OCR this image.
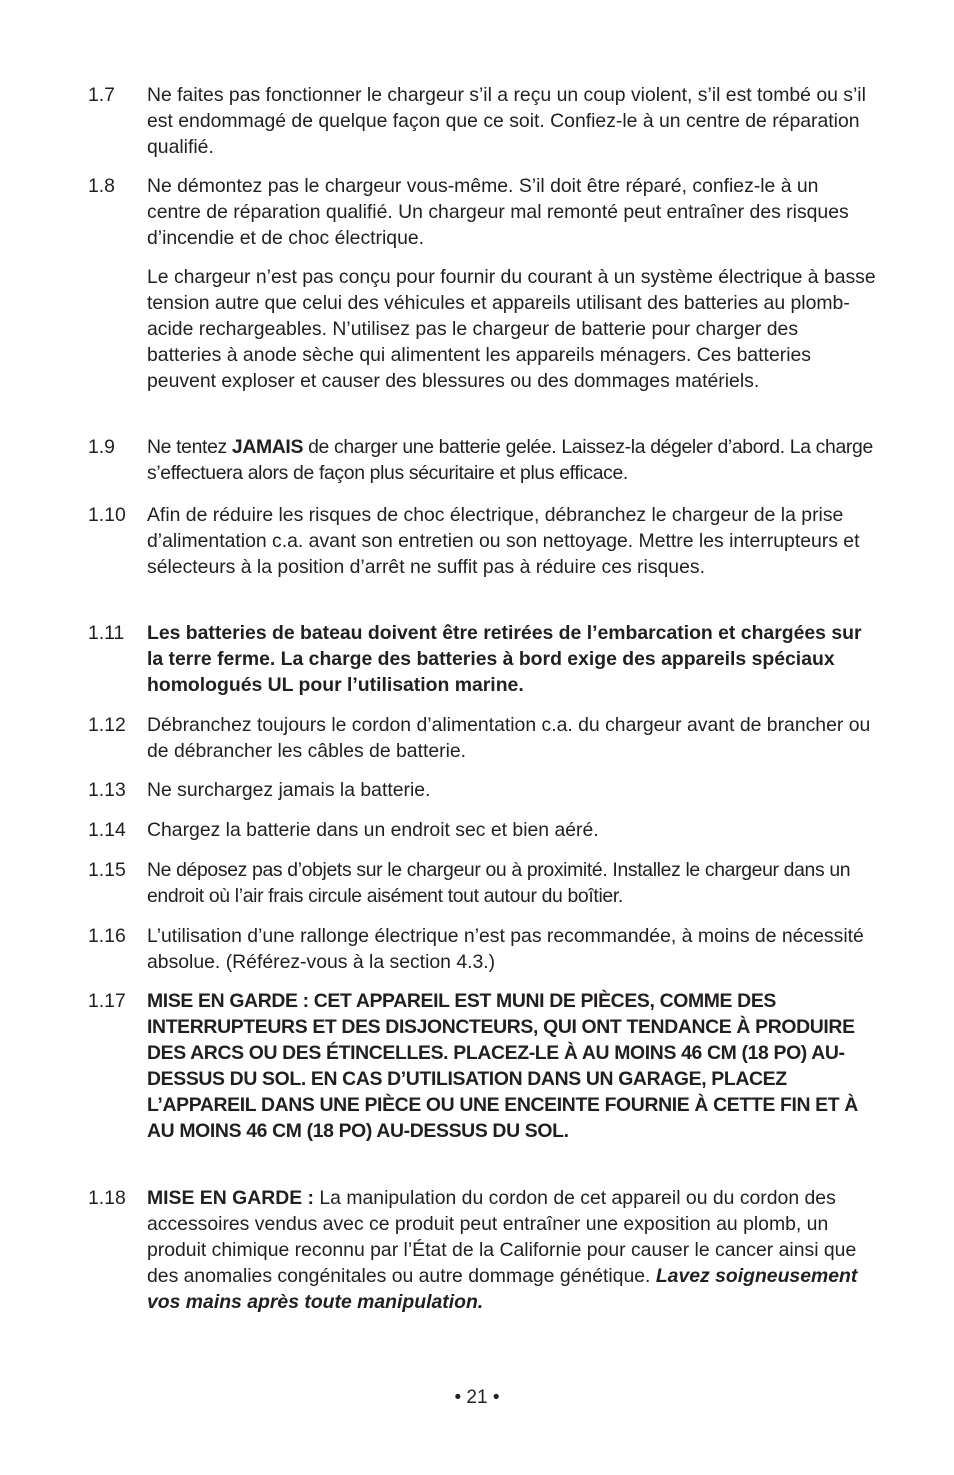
1.7	Ne faites pas fonctionner le chargeur s’il a reçu un coup violent, s’il est tombé ou s’il est endommagé de quelque façon que ce soit. Confiez-le à un centre de réparation qualifié.

1.8	Ne démontez pas le chargeur vous-même. S’il doit être réparé, confiez-le à un centre de réparation qualifié. Un chargeur mal remonté peut entraîner des risques d’incendie et de choc électrique.

Le chargeur n’est pas conçu pour fournir du courant à un système électrique à basse tension autre que celui des véhicules et appareils utilisant des batteries au plomb-acide rechargeables. N’utilisez pas le chargeur de batterie pour charger des batteries à anode sèche qui alimentent les appareils ménagers. Ces batteries peuvent exploser et causer des blessures ou des dommages matériels.

1.9	Ne tentez JAMAIS de charger une batterie gelée. Laissez-la dégeler d’abord. La charge s’effectuera alors de façon plus sécuritaire et plus efficace.

1.10	Afin de réduire les risques de choc électrique, débranchez le chargeur de la prise d’alimentation c.a. avant son entretien ou son nettoyage. Mettre les interrupteurs et sélecteurs à la position d’arrêt ne suffit pas à réduire ces risques.

1.11	Les batteries de bateau doivent être retirées de l’embarcation et chargées sur la terre ferme. La charge des batteries à bord exige des appareils spéciaux homologués UL pour l’utilisation marine.

1.12	Débranchez toujours le cordon d’alimentation c.a. du chargeur avant de brancher ou de débrancher les câbles de batterie.

1.13	Ne surchargez jamais la batterie.

1.14	Chargez la batterie dans un endroit sec et bien aéré.

1.15	Ne déposez pas d’objets sur le chargeur ou à proximité. Installez le chargeur dans un endroit où l’air frais circule aisément tout autour du boîtier.

1.16	L’utilisation d’une rallonge électrique n’est pas recommandée, à moins de nécessité absolue. (Référez-vous à la section 4.3.)

1.17	MISE EN GARDE : CET APPAREIL EST MUNI DE PIÈCES, COMME DES INTERRUPTEURS ET DES DISJONCTEURS, QUI ONT TENDANCE À PRODUIRE DES ARCS OU DES ÉTINCELLES. PLACEZ-LE À AU MOINS 46 CM (18 PO) AU-DESSUS DU SOL. EN CAS D’UTILISATION DANS UN GARAGE, PLACEZ L’APPAREIL DANS UNE PIÈCE OU UNE ENCEINTE FOURNIE À CETTE FIN ET À AU MOINS 46 CM (18 PO) AU-DESSUS DU SOL.

1.18	MISE EN GARDE : La manipulation du cordon de cet appareil ou du cordon des accessoires vendus avec ce produit peut entraîner une exposition au plomb, un produit chimique reconnu par l’État de la Californie pour causer le cancer ainsi que des anomalies congénitales ou autre dommage génétique. Lavez soigneusement vos mains après toute manipulation.

• 21 •
